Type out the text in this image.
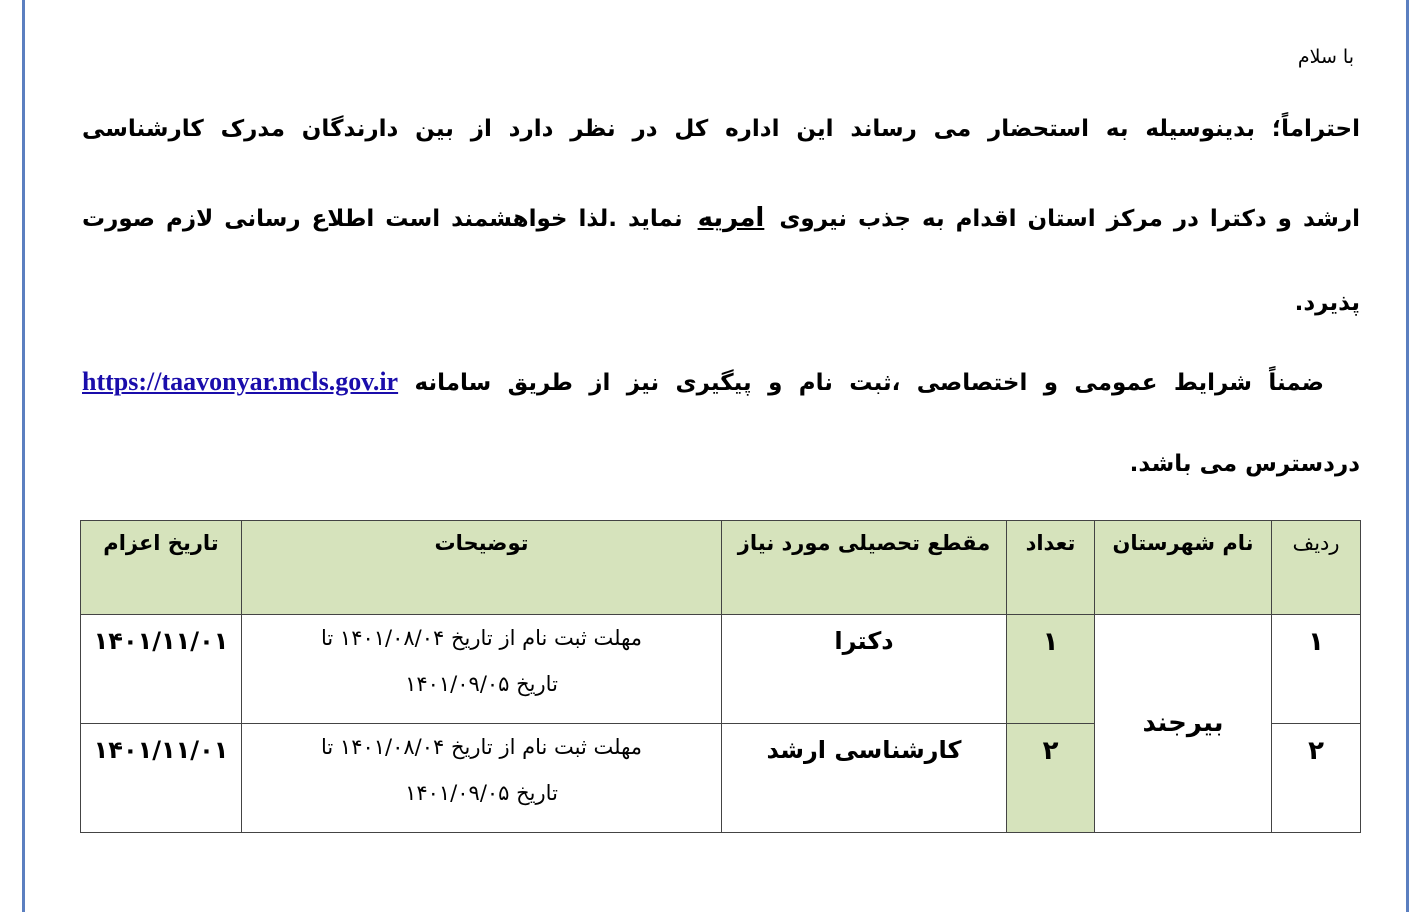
با سلام
احتراماً؛ بدینوسیله به استحضار می رساند این اداره کل در نظر دارد از بین دارندگان مدرک کارشناسی
ارشد و دکترا در مرکز استان اقدام به جذب نیروی امریه نماید .لذا خواهشمند است اطلاع رسانی لازم صورت
پذیرد.
ضمناً شرایط عمومی و اختصاصی ،ثبت نام و پیگیری نیز از طریق سامانه https://taavonyar.mcls.gov.ir
دردسترس می باشد.
ردیف	نام شهرستان	تعداد	مقطع تحصیلی مورد نیاز	توضیحات	تاریخ اعزام
۱	بیرجند	۱	دکترا	مهلت ثبت نام از تاریخ ۱۴۰۱/۰۸/۰۴ تا
تاریخ ۱۴۰۱/۰۹/۰۵	۱۴۰۱/۱۱/۰۱
۲		۲	کارشناسی ارشد	مهلت ثبت نام از تاریخ ۱۴۰۱/۰۸/۰۴ تا
تاریخ ۱۴۰۱/۰۹/۰۵	۱۴۰۱/۱۱/۰۱
